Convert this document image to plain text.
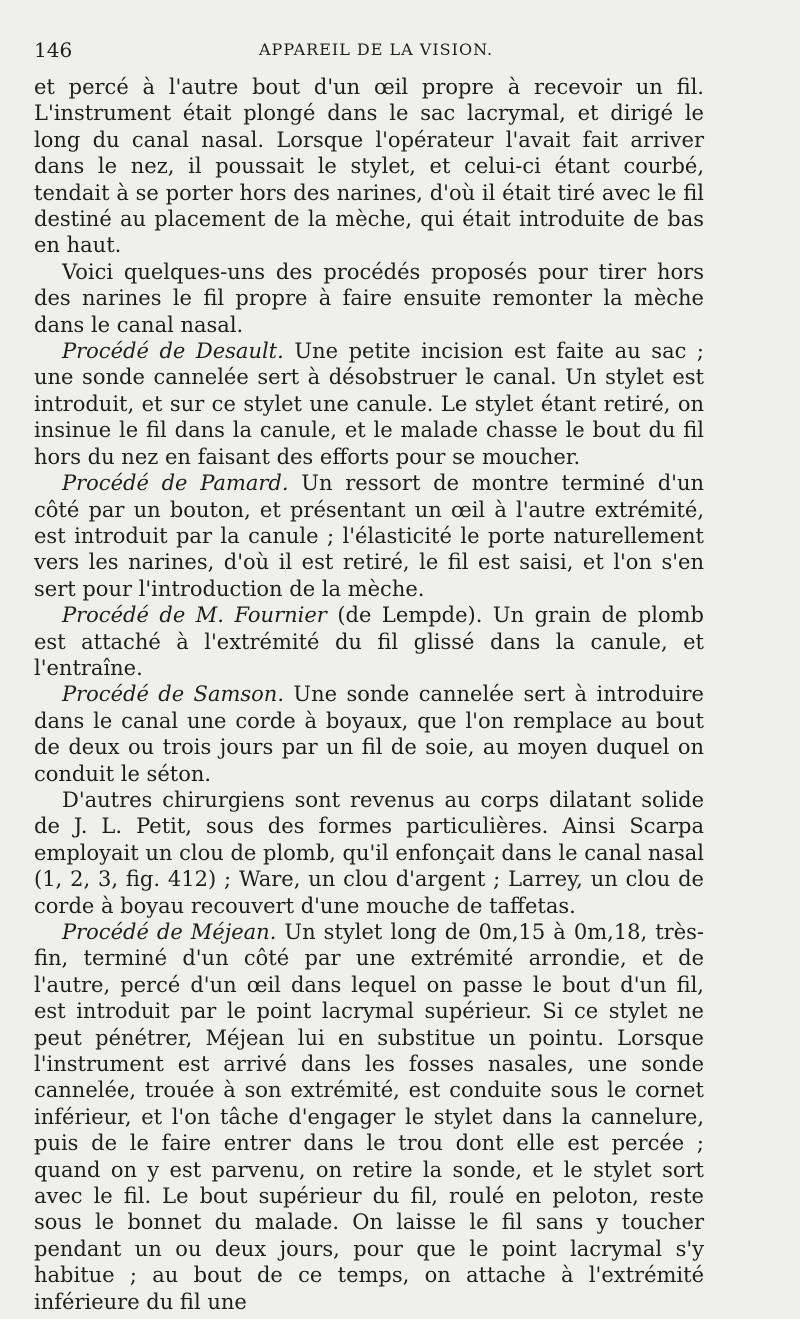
146	APPAREIL DE LA VISION.

et percé à l'autre bout d'un œil propre à recevoir un fil. L'instrument était plongé dans le sac lacrymal, et dirigé le long du canal nasal. Lorsque l'opérateur l'avait fait arriver dans le nez, il poussait le stylet, et celui-ci étant courbé, tendait à se porter hors des narines, d'où il était tiré avec le fil destiné au placement de la mèche, qui était introduite de bas en haut.

Voici quelques-uns des procédés proposés pour tirer hors des narines le fil propre à faire ensuite remonter la mèche dans le canal nasal.

Procédé de Desault. Une petite incision est faite au sac ; une sonde cannelée sert à désobstruer le canal. Un stylet est introduit, et sur ce stylet une canule. Le stylet étant retiré, on insinue le fil dans la canule, et le malade chasse le bout du fil hors du nez en faisant des efforts pour se moucher.

Procédé de Pamard. Un ressort de montre terminé d'un côté par un bouton, et présentant un œil à l'autre extrémité, est introduit par la canule ; l'élasticité le porte naturellement vers les narines, d'où il est retiré, le fil est saisi, et l'on s'en sert pour l'introduction de la mèche.

Procédé de M. Fournier (de Lempde). Un grain de plomb est attaché à l'extrémité du fil glissé dans la canule, et l'entraîne.

Procédé de Samson. Une sonde cannelée sert à introduire dans le canal une corde à boyaux, que l'on remplace au bout de deux ou trois jours par un fil de soie, au moyen duquel on conduit le séton.

D'autres chirurgiens sont revenus au corps dilatant solide de J. L. Petit, sous des formes particulières. Ainsi Scarpa employait un clou de plomb, qu'il enfonçait dans le canal nasal (1, 2, 3, fig. 412) ; Ware, un clou d'argent ; Larrey, un clou de corde à boyau recouvert d'une mouche de taffetas.

Procédé de Méjean. Un stylet long de 0m,15 à 0m,18, très-fin, terminé d'un côté par une extrémité arrondie, et de l'autre, percé d'un œil dans lequel on passe le bout d'un fil, est introduit par le point lacrymal supérieur. Si ce stylet ne peut pénétrer, Méjean lui en substitue un pointu. Lorsque l'instrument est arrivé dans les fosses nasales, une sonde cannelée, trouée à son extrémité, est conduite sous le cornet inférieur, et l'on tâche d'engager le stylet dans la cannelure, puis de le faire entrer dans le trou dont elle est percée ; quand on y est parvenu, on retire la sonde, et le stylet sort avec le fil. Le bout supérieur du fil, roulé en peloton, reste sous le bonnet du malade. On laisse le fil sans y toucher pendant un ou deux jours, pour que le point lacrymal s'y habitue ; au bout de ce temps, on attache à l'extrémité inférieure du fil une
